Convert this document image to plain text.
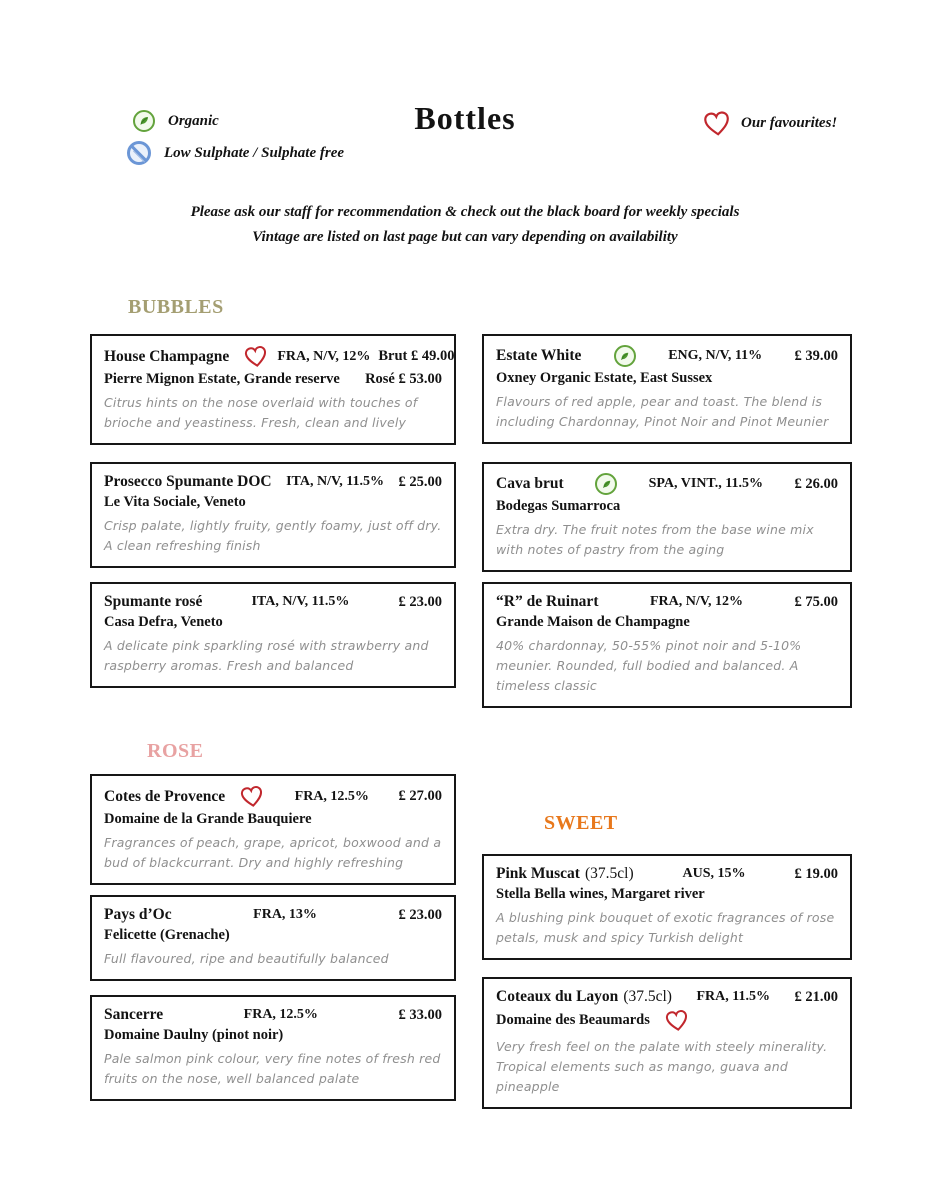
Organic
Low Sulphate / Sulphate free
Bottles	Our favourites!
Please ask our staff for recommendation & check out the black board for weekly specials
Vintage are listed on last page but can vary depending on availability
BUBBLES
House Champagne	FRA, N/V, 12% Brut £ 49.00
Pierre Mignon Estate, Grande reserve Rosé £ 53.00
Citrus hints on the nose overlaid with touches of brioche and yeastiness. Fresh, clean and lively
Estate White	ENG, N/V, 11% £ 39.00
Oxney Organic Estate, East Sussex
Flavours of red apple, pear and toast. The blend is including Chardonnay, Pinot Noir and Pinot Meunier
Prosecco Spumante DOC ITA, N/V, 11.5% £ 25.00
Le Vita Sociale, Veneto
Crisp palate, lightly fruity, gently foamy, just off dry. A clean refreshing finish
Cava brut	SPA, VINT., 11.5% £ 26.00
Bodegas Sumarroca
Extra dry. The fruit notes from the base wine mix with notes of pastry from the aging
Spumante rosé	ITA, N/V, 11.5%	£ 23.00
Casa Defra, Veneto
A delicate pink sparkling rosé with strawberry and raspberry aromas. Fresh and balanced
“R” de Ruinart	FRA, N/V, 12%	£ 75.00
Grande Maison de Champagne
40% chardonnay, 50-55% pinot noir and 5-10% meunier. Rounded, full bodied and balanced. A timeless classic
ROSE
Cotes de Provence	FRA, 12.5% £ 27.00
Domaine de la Grande Bauquiere
Fragrances of peach, grape, apricot, boxwood and a bud of blackcurrant. Dry and highly refreshing
Pays d’Oc	FRA, 13%	£ 23.00
Felicette (Grenache)
Full flavoured, ripe and beautifully balanced
Sancerre	FRA, 12.5%	£ 33.00
Domaine Daulny (pinot noir)
Pale salmon pink colour, very fine notes of fresh red fruits on the nose, well balanced palate
SWEET
Pink Muscat (37.5cl)	AUS, 15%	£ 19.00
Stella Bella wines, Margaret river
A blushing pink bouquet of exotic fragrances of rose petals, musk and spicy Turkish delight
Coteaux du Layon (37.5cl) FRA, 11.5% £ 21.00
Domaine des Beaumards
Very fresh feel on the palate with steely minerality. Tropical elements such as mango, guava and pineapple
